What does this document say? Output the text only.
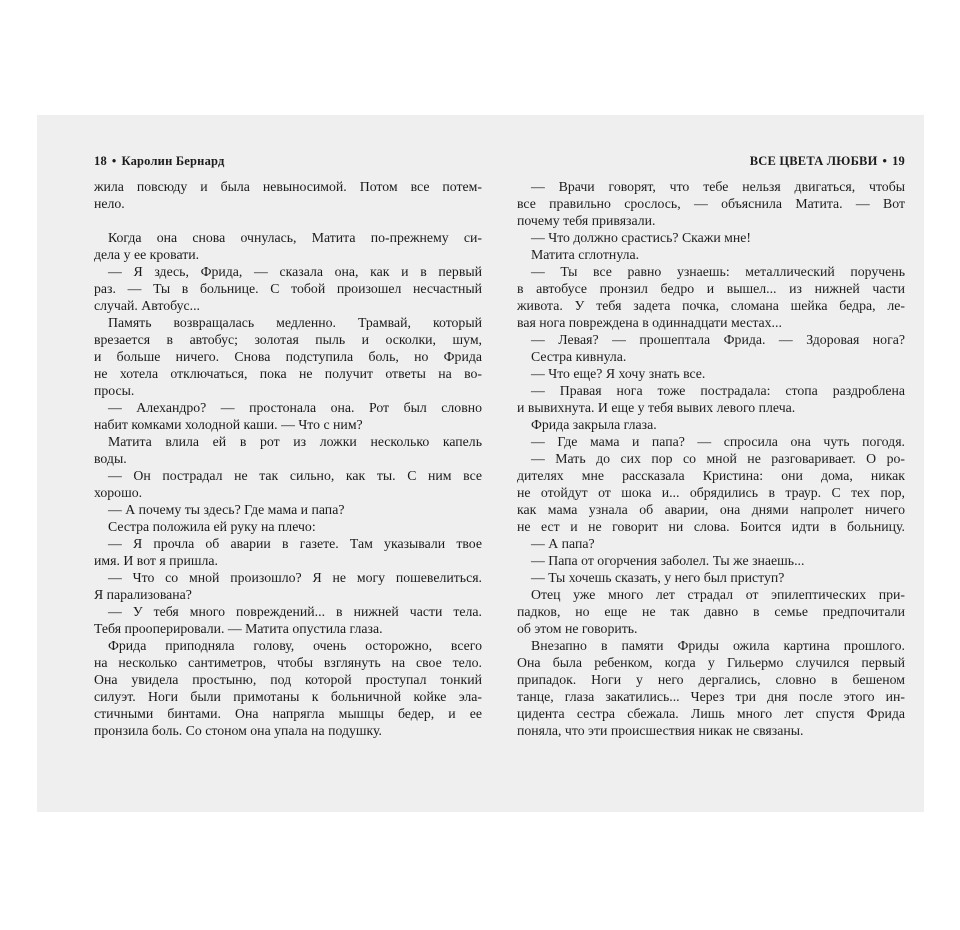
18 • Каролин Бернард
жила повсюду и была невыносимой. Потом все потем-
нело.
Когда она снова очнулась, Матита по-прежнему си-
дела у ее кровати.
— Я здесь, Фрида, — сказала она, как и в первый
раз. — Ты в больнице. С тобой произошел несчастный
случай. Автобус...
Память возвращалась медленно. Трамвай, который
врезается в автобус; золотая пыль и осколки, шум,
и больше ничего. Снова подступила боль, но Фрида
не хотела отключаться, пока не получит ответы на во-
просы.
— Алехандро? — простонала она. Рот был словно
набит комками холодной каши. — Что с ним?
Матита влила ей в рот из ложки несколько капель
воды.
— Он пострадал не так сильно, как ты. С ним все
хорошо.
— А почему ты здесь? Где мама и папа?
Сестра положила ей руку на плечо:
— Я прочла об аварии в газете. Там указывали твое
имя. И вот я пришла.
— Что со мной произошло? Я не могу пошевелиться.
Я парализована?
— У тебя много повреждений... в нижней части тела.
Тебя прооперировали. — Матита опустила глаза.
Фрида приподняла голову, очень осторожно, всего
на несколько сантиметров, чтобы взглянуть на свое тело.
Она увидела простыню, под которой проступал тонкий
силуэт. Ноги были примотаны к больничной койке эла-
стичными бинтами. Она напрягла мышцы бедер, и ее
пронзила боль. Со стоном она упала на подушку.
ВСЕ ЦВЕТА ЛЮБВИ • 19
— Врачи говорят, что тебе нельзя двигаться, чтобы
все правильно срослось, — объяснила Матита. — Вот
почему тебя привязали.
— Что должно срастись? Скажи мне!
Матита сглотнула.
— Ты все равно узнаешь: металлический поручень
в автобусе пронзил бедро и вышел... из нижней части
живота. У тебя задета почка, сломана шейка бедра, ле-
вая нога повреждена в одиннадцати местах...
— Левая? — прошептала Фрида. — Здоровая нога?
Сестра кивнула.
— Что еще? Я хочу знать все.
— Правая нога тоже пострадала: стопа раздроблена
и вывихнута. И еще у тебя вывих левого плеча.
Фрида закрыла глаза.
— Где мама и папа? — спросила она чуть погодя.
— Мать до сих пор со мной не разговаривает. О ро-
дителях мне рассказала Кристина: они дома, никак
не отойдут от шока и... обрядились в траур. С тех пор,
как мама узнала об аварии, она днями напролет ничего
не ест и не говорит ни слова. Боится идти в больницу.
— А папа?
— Папа от огорчения заболел. Ты же знаешь...
— Ты хочешь сказать, у него был приступ?
Отец уже много лет страдал от эпилептических при-
падков, но еще не так давно в семье предпочитали
об этом не говорить.
Внезапно в памяти Фриды ожила картина прошлого.
Она была ребенком, когда у Гильермо случился первый
припадок. Ноги у него дергались, словно в бешеном
танце, глаза закатились... Через три дня после этого ин-
цидента сестра сбежала. Лишь много лет спустя Фрида
поняла, что эти происшествия никак не связаны.
